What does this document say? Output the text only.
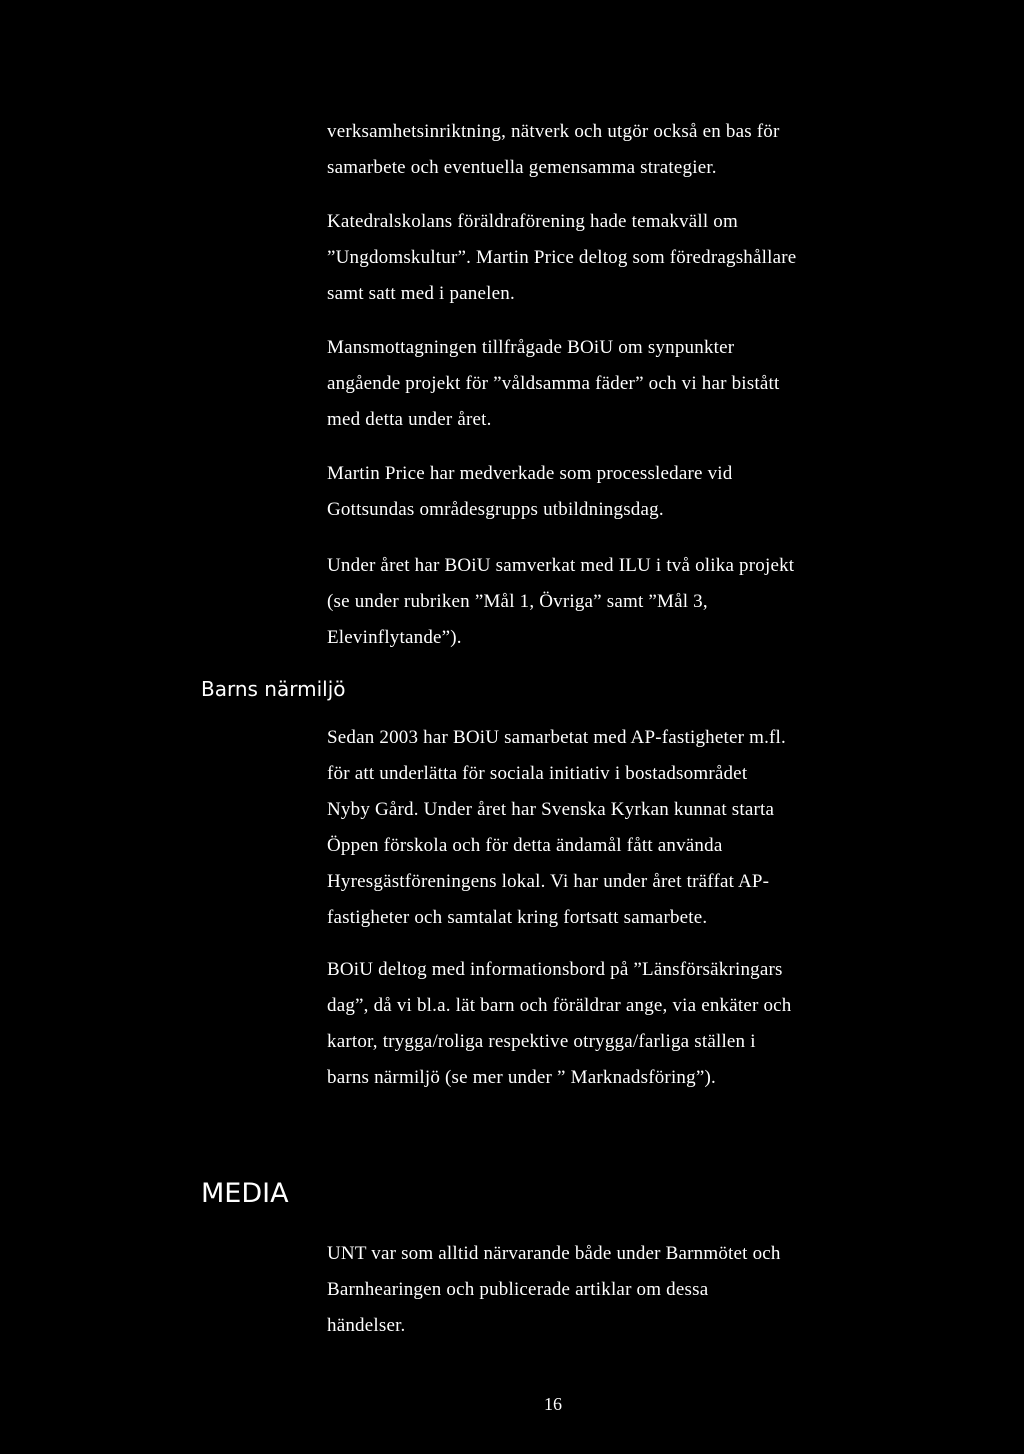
verksamhetsinriktning, nätverk och utgör också en bas för
samarbete och eventuella gemensamma strategier.

Katedralskolans föräldraförening hade temakväll om
”Ungdomskultur”. Martin Price deltog som föredragshållare
samt satt med i panelen.

Mansmottagningen tillfrågade BOiU om synpunkter
angående projekt för ”våldsamma fäder” och vi har bistått
med detta under året.

Martin Price har medverkade som processledare vid
Gottsundas områdesgrupps utbildningsdag.

Under året har BOiU samverkat med ILU i två olika projekt
(se under rubriken ”Mål 1, Övriga” samt ”Mål 3,
Elevinflytande”).

Barns närmiljö

Sedan 2003 har BOiU samarbetat med AP-fastigheter m.fl.
för att underlätta för sociala initiativ i bostadsområdet
Nyby Gård. Under året har Svenska Kyrkan kunnat starta
Öppen förskola och för detta ändamål fått använda
Hyresgästföreningens lokal. Vi har under året träffat AP-
fastigheter och samtalat kring fortsatt samarbete.

BOiU deltog med informationsbord på ”Länsförsäkringars
dag”, då vi bl.a. lät barn och föräldrar ange, via enkäter och
kartor, trygga/roliga respektive otrygga/farliga ställen i
barns närmiljö (se mer under ” Marknadsföring”).

MEDIA

UNT var som alltid närvarande både under Barnmötet och
Barnhearingen och publicerade artiklar om dessa
händelser.

16
